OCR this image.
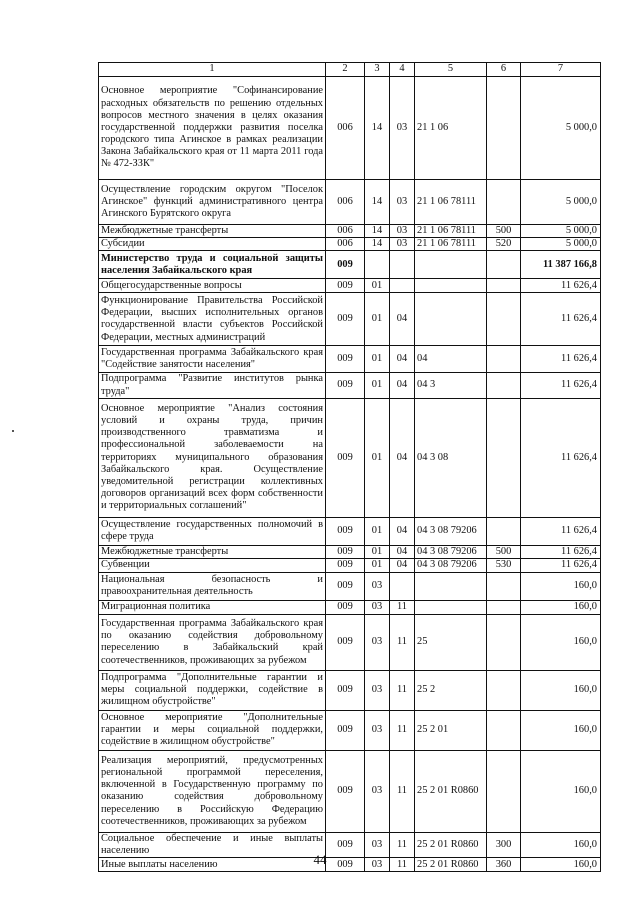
1	2	3	4	5	6	7
Основное мероприятие "Софинансирование расходных обязательств по решению отдельных вопросов местного значения в целях оказания государственной поддержки развития поселка городского типа Агинское в рамках реализации Закона Забайкальского края от 11 марта 2011 года № 472-ЗЗК"	006	14	03	21 1 06		5 000,0
Осуществление городским округом "Поселок Агинское" функций административного центра Агинского Бурятского округа	006	14	03	21 1 06 78111		5 000,0
Межбюджетные трансферты	006	14	03	21 1 06 78111	500	5 000,0
Субсидии	006	14	03	21 1 06 78111	520	5 000,0
Министерство труда и социальной защиты населения Забайкальского края	009					11 387 166,8
Общегосударственные вопросы	009	01				11 626,4
Функционирование Правительства Российской Федерации, высших исполнительных органов государственной власти субъектов Российской Федерации, местных администраций	009	01	04			11 626,4
Государственная программа Забайкальского края "Содействие занятости населения"	009	01	04	04		11 626,4
Подпрограмма "Развитие институтов рынка труда"	009	01	04	04 3		11 626,4
Основное мероприятие "Анализ состояния условий и охраны труда, причин производственного травматизма и профессиональной заболеваемости на территориях муниципального образования Забайкальского края. Осуществление уведомительной регистрации коллективных договоров организаций всех форм собственности и территориальных соглашений"	009	01	04	04 3 08		11 626,4
Осуществление государственных полномочий в сфере труда	009	01	04	04 3 08 79206		11 626,4
Межбюджетные трансферты	009	01	04	04 3 08 79206	500	11 626,4
Субвенции	009	01	04	04 3 08 79206	530	11 626,4
Национальная безопасность и правоохранительная деятельность	009	03				160,0
Миграционная политика	009	03	11			160,0
Государственная программа Забайкальского края по оказанию содействия добровольному переселению в Забайкальский край соотечественников, проживающих за рубежом	009	03	11	25		160,0
Подпрограмма "Дополнительные гарантии и меры социальной поддержки, содействие в жилищном обустройстве"	009	03	11	25 2		160,0
Основное мероприятие "Дополнительные гарантии и меры социальной поддержки, содействие в жилищном обустройстве"	009	03	11	25 2 01		160,0
Реализация мероприятий, предусмотренных региональной программой переселения, включенной в Государственную программу по оказанию содействия добровольному переселению в Российскую Федерацию соотечественников, проживающих за рубежом	009	03	11	25 2 01 R0860		160,0
Социальное обеспечение и иные выплаты населению	009	03	11	25 2 01 R0860	300	160,0
Иные выплаты населению	009	03	11	25 2 01 R0860	360	160,0
44
